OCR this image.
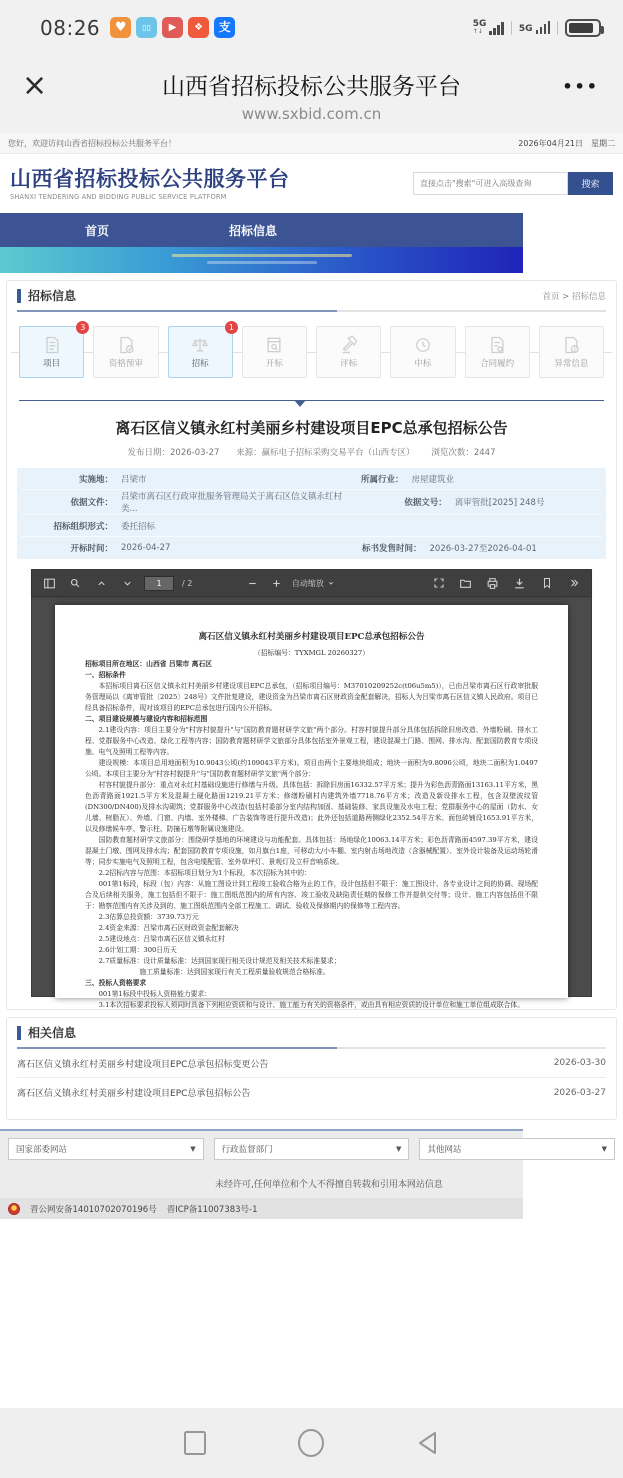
08:26	♥	▯▯	▶	❖	支	5G
↑↓	5G
×	山西省招标投标公共服务平台
www.sxbid.com.cn
•••
您好，欢迎访问山西省招标投标公共服务平台！	2026年04月21日　星期二
山西省招标投标公共服务平台
SHANXI TENDERING AND BIDDING PUBLIC SERVICE PLATFORM
直接点击"搜索"可进入高级查询
搜索
首页	招标信息
招标信息	首页 > 招标信息
3
项目	资格预审
1
招标	开标	评标	中标	合同履约	异常信息
离石区信义镇永红村美丽乡村建设项目EPC总承包招标公告
发布日期：2026-03-27 来源：赢标电子招标采购交易平台（山西专区） 浏览次数：2447
实施地： 吕梁市	所属行业： 房屋建筑业
依据文件：
吕梁市离石区行政审批服务管理局关于离石区信义镇永红村美...
依据文号： 离审管批[2025] 248号
招标组织形式： 委托招标
开标时间： 2026-04-27	标书发售时间： 2026-03-27至2026-04-01
1
/ 2	自动缩放

离石区信义镇永红村美丽乡村建设项目EPC总承包招标公告

（招标编号：TYXMGL 20260327）

招标项目所在地区：山西省 吕梁市 离石区

一、招标条件

本招标项目离石区信义镇永红村美丽乡村建设项目EPC总承包，（招标项目编号：M37010209252c(t06u5m5)），已由吕梁市离石区行政审批服务管理局以《离审管批〔2025〕248号》文件批复建设，建设资金为吕梁市离石区财政资金配套解决，招标人为吕梁市离石区信义镇人民政府。项目已经具备招标条件，现对该项目的EPC总承包进行国内公开招标。

二、项目建设规模与建设内容和招标范围

2.1建设内容：项目主要分为"村容村貌提升"与"国防教育题材研学文旅"两个部分。村容村貌提升部分具体包括拆除旧房改造、外墙粉刷、排水工程、党群服务中心改造、绿化工程等内容；国防教育题材研学文旅部分具体包括室外景观工程，建设混凝土门路、围网、排水沟、配套国防教育专项设施、电气及照明工程等内容。

建设规模：本项目总用地面积为10.9043公顷(约109043平方米)。项目由两个主要地块组成；地块一面积为9.8096公顷，地块二面积为1.0497公顷。本项目主要分为"村容村貌提升"与"国防教育题材研学文旅"两个部分：

村容村貌提升部分：重点对永红村基础设施进行修缮与升级。具体包括：拆除旧房面16332.57平方米；提升为彩色沥青路面13163.11平方米，黑色沥青路面1921.5平方米及混凝土硬化路面1219.21平方米；修缮粉刷村内建筑外墙7718.76平方米；改造及新设排水工程，包含双壁波纹管(DN300/DN400)及排水沟砌筑；党群服务中心改造(包括村委部分室内结构加固、基础装修、家具设施及水电工程；党群服务中心的屋面（防水、女儿墙、树脂瓦）、外墙、门窗、内墙、室外楼梯、广告装饰等进行提升改造)；此外还包括道路两侧绿化2352.54平方米、面包砖铺设1653.91平方米，以及修缮候车亭、警示柱、防撞石墩等附属设施建设。

国防教育题材研学文旅部分：围绕研学基地的环境建设与功能配套。具体包括：场地绿化10063.14平方米；彩色沥青路面4597.39平方米，建设混凝土门墩、围网及排水沟；配套国防教育专项设施，如月旗台1座，可移动大/小车棚、室内射击场地改造（含器械配置）、室外设计装备及运动场轮滑等；同步实施电气及照明工程，包含电缆配管、室外草坪灯、景观灯及立杆音响系统。

2.2招标内容与范围：本招标项目划分为1个标段，本次招标为其中的：

001第1标段，标段（包）内容：从施工图设计到工程竣工验收合格为止的工作，设计包括但不限于：施工图设计、各专业设计之间的协调、现场配合及后续相关服务，施工包括但不限于：施工图纸范围内的所有内容、竣工验收及缺陷责任期的保修工作并提供交付等；设计、施工内容包括但不限于：勘察范围内有关涉及到的、施工图纸范围内全部工程施工、调试、验收及保修期内的保修等工程内容。

2.3估算总投资额：3739.73万元

2.4资金来源：吕梁市离石区财政资金配套解决

2.5建设地点：吕梁市离石区信义镇永红村

2.6计划工期：300日历天

2.7质量标准：设计质量标准：达到国家现行相关设计规范及相关技术标准要求；

施工质量标准：达到国家现行有关工程质量验收规范合格标准。

三、投标人资格要求

001第1标段中投标人资格能力要求：

3.1本次招标要求投标人须同时具备下列相应资质和与设计、施工能力有关的资格条件，或由具有相应资质的设计单位和施工单位组成联合体。

相关信息
离石区信义镇永红村美丽乡村建设项目EPC总承包招标变更公告	2026-03-30
离石区信义镇永红村美丽乡村建设项目EPC总承包招标公告	2026-03-27
国家部委网站	▼	行政监督部门	▼	其他网站	▼
未经许可,任何单位和个人不得擅自转载和引用本网站信息
晋公网安备14010702070196号 晋ICP备11007383号-1
